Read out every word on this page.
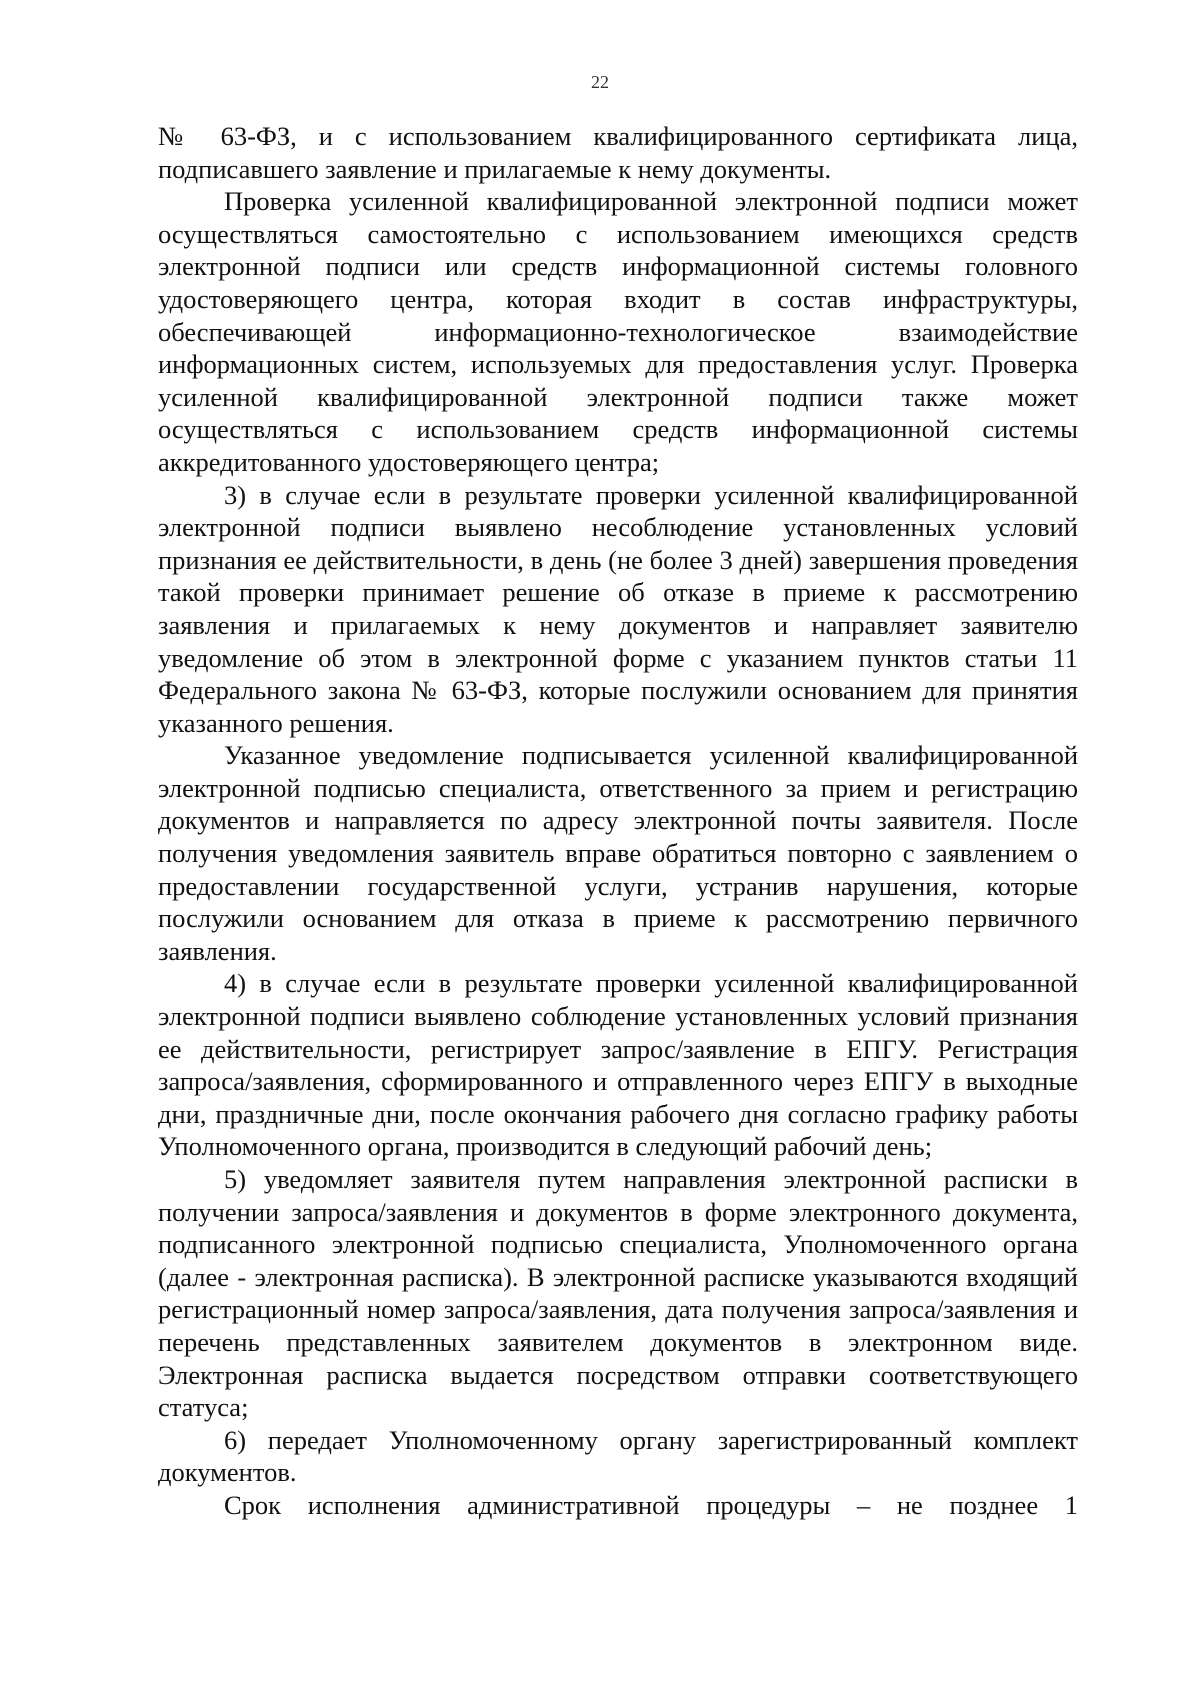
22

№ 63-ФЗ, и с использованием квалифицированного сертификата лица, подписавшего заявление и прилагаемые к нему документы.

Проверка усиленной квалифицированной электронной подписи может осуществляться самостоятельно с использованием имеющихся средств электронной подписи или средств информационной системы головного удостоверяющего центра, которая входит в состав инфраструктуры, обеспечивающей информационно-технологическое взаимодействие информационных систем, используемых для предоставления услуг. Проверка усиленной квалифицированной электронной подписи также может осуществляться с использованием средств информационной системы аккредитованного удостоверяющего центра;

3) в случае если в результате проверки усиленной квалифицированной электронной подписи выявлено несоблюдение установленных условий признания ее действительности, в день (не более 3 дней) завершения проведения такой проверки принимает решение об отказе в приеме к рассмотрению заявления и прилагаемых к нему документов и направляет заявителю уведомление об этом в электронной форме с указанием пунктов статьи 11 Федерального закона № 63-ФЗ, которые послужили основанием для принятия указанного решения.

Указанное уведомление подписывается усиленной квалифицированной электронной подписью специалиста, ответственного за прием и регистрацию документов и направляется по адресу электронной почты заявителя. После получения уведомления заявитель вправе обратиться повторно с заявлением о предоставлении государственной услуги, устранив нарушения, которые послужили основанием для отказа в приеме к рассмотрению первичного заявления.

4) в случае если в результате проверки усиленной квалифицированной электронной подписи выявлено соблюдение установленных условий признания ее действительности, регистрирует запрос/заявление в ЕПГУ. Регистрация запроса/заявления, сформированного и отправленного через ЕПГУ в выходные дни, праздничные дни, после окончания рабочего дня согласно графику работы Уполномоченного органа, производится в следующий рабочий день;

5) уведомляет заявителя путем направления электронной расписки в получении запроса/заявления и документов в форме электронного документа, подписанного электронной подписью специалиста, Уполномоченного органа (далее - электронная расписка). В электронной расписке указываются входящий регистрационный номер запроса/заявления, дата получения запроса/заявления и перечень представленных заявителем документов в электронном виде. Электронная расписка выдается посредством отправки соответствующего статуса;

6) передает Уполномоченному органу зарегистрированный комплект документов.

Срок исполнения административной процедуры – не позднее 1
